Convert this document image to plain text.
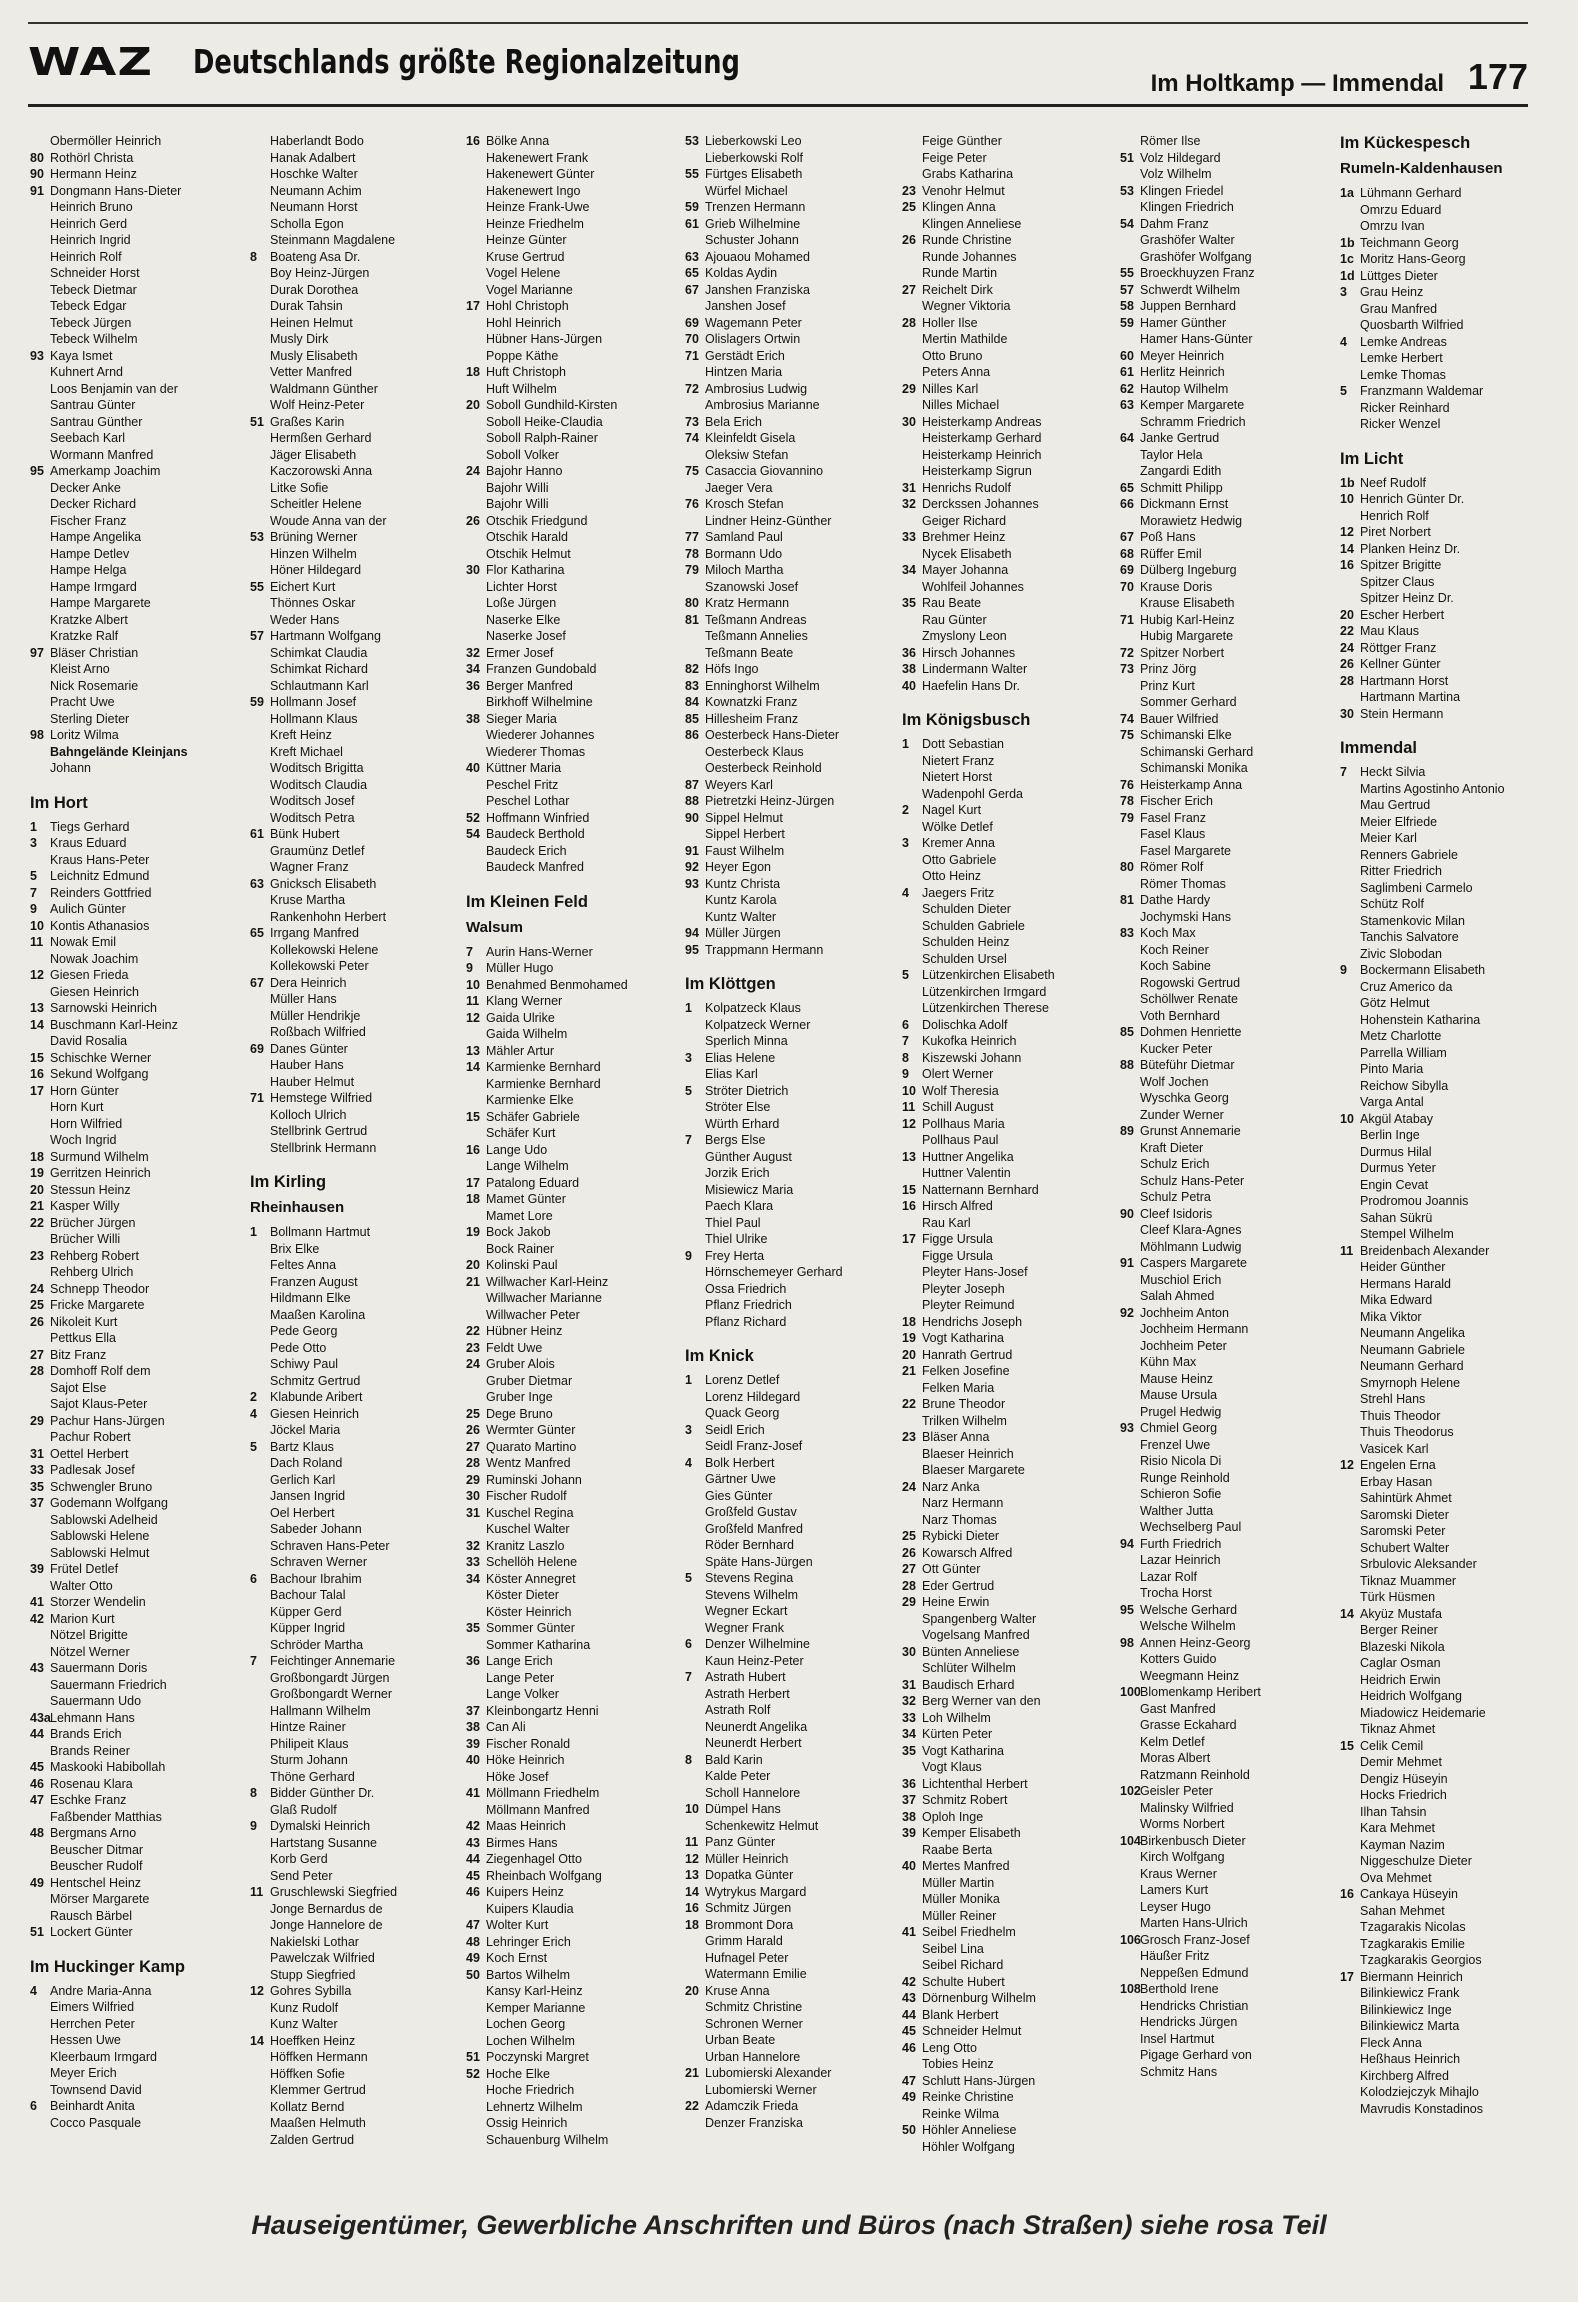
WAZ Deutschlands größte Regionalzeitung
Im Holtkamp — Immendal 177
Obermöller Heinrich
80 Rothörl Christa
90 Hermann Heinz
91 Dongmann Hans-Dieter
Heinrich Bruno
Heinrich Gerd
Heinrich Ingrid
Heinrich Rolf
Schneider Horst
Tebeck Dietmar
Tebeck Edgar
Tebeck Jürgen
Tebeck Wilhelm
93 Kaya Ismet
Kuhnert Arnd
Loos Benjamin van der
Santrau Günter
Santrau Günther
Seebach Karl
Wormann Manfred
95 Amerkamp Joachim
Decker Anke
Decker Richard
Fischer Franz
Hampe Angelika
Hampe Detlev
Hampe Helga
Hampe Irmgard
Hampe Margarete
Kratzke Albert
Kratzke Ralf
97 Bläser Christian
Kleist Arno
Nick Rosemarie
Pracht Uwe
Sterling Dieter
98 Loritz Wilma
Bahngelände Kleinjans
Johann
Im Hort
1 Tiegs Gerhard
3 Kraus Eduard
Kraus Hans-Peter
5 Leichnitz Edmund
7 Reinders Gottfried
9 Aulich Günter
10 Kontis Athanasios
11 Nowak Emil
Nowak Joachim
12 Giesen Frieda
Giesen Heinrich
13 Sarnowski Heinrich
14 Buschmann Karl-Heinz
David Rosalia
15 Schischke Werner
16 Sekund Wolfgang
17 Horn Günter
Horn Kurt
Horn Wilfried
Woch Ingrid
18 Surmund Wilhelm
19 Gerritzen Heinrich
20 Stessun Heinz
21 Kasper Willy
22 Brücher Jürgen
Brücher Willi
23 Rehberg Robert
Rehberg Ulrich
24 Schnepp Theodor
25 Fricke Margarete
26 Nikoleit Kurt
Pettkus Ella
27 Bitz Franz
28 Domhoff Rolf dem
Sajot Else
Sajot Klaus-Peter
29 Pachur Hans-Jürgen
Pachur Robert
31 Oettel Herbert
33 Padlesak Josef
35 Schwengler Bruno
37 Godemann Wolfgang
Sablowski Adelheid
Sablowski Helene
Sablowski Helmut
39 Frütel Detlef
Walter Otto
41 Storzer Wendelin
42 Marion Kurt
Nötzel Brigitte
Nötzel Werner
43 Sauermann Doris
Sauermann Friedrich
Sauermann Udo
43aLehmann Hans
44 Brands Erich
Brands Reiner
45 Maskooki Habibollah
46 Rosenau Klara
47 Eschke Franz
Faßbender Matthias
48 Bergmans Arno
Beuscher Ditmar
Beuscher Rudolf
49 Hentschel Heinz
Mörser Margarete
Rausch Bärbel
51 Lockert Günter
Im Huckinger Kamp
4 Andre Maria-Anna
Eimers Wilfried
Herrchen Peter
Hessen Uwe
Kleerbaum Irmgard
Meyer Erich
Townsend David
6 Beinhardt Anita
Cocco Pasquale
Haberlandt Bodo
Hanak Adalbert
Hoschke Walter
Neumann Achim
Neumann Horst
Scholla Egon
Steinmann Magdalene
8 Boateng Asa Dr.
Boy Heinz-Jürgen
Durak Dorothea
Durak Tahsin
Heinen Helmut
Musly Dirk
Musly Elisabeth
Vetter Manfred
Waldmann Günther
Wolf Heinz-Peter
51 Graßes Karin
Hermßen Gerhard
Jäger Elisabeth
Kaczorowski Anna
Litke Sofie
Scheitler Helene
Woude Anna van der
53 Brüning Werner
Hinzen Wilhelm
Höner Hildegard
55 Eichert Kurt
Thönnes Oskar
Weder Hans
57 Hartmann Wolfgang
Schimkat Claudia
Schimkat Richard
Schlautmann Karl
59 Hollmann Josef
Hollmann Klaus
Kreft Heinz
Kreft Michael
Woditsch Brigitta
Woditsch Claudia
Woditsch Josef
Woditsch Petra
61 Bünk Hubert
Graumünz Detlef
Wagner Franz
63 Gnicksch Elisabeth
Kruse Martha
Rankenhohn Herbert
65 Irrgang Manfred
Kollekowski Helene
Kollekowski Peter
67 Dera Heinrich
Müller Hans
Müller Hendrikje
Roßbach Wilfried
69 Danes Günter
Hauber Hans
Hauber Helmut
71 Hemstege Wilfried
Kolloch Ulrich
Stellbrink Gertrud
Stellbrink Hermann
Im Kirling
Rheinhausen
1 Bollmann Hartmut
Brix Elke
Feltes Anna
Franzen August
Hildmann Elke
Maaßen Karolina
Pede Georg
Pede Otto
Schiwy Paul
Schmitz Gertrud
2 Klabunde Aribert
4 Giesen Heinrich
Jöckel Maria
5 Bartz Klaus
Dach Roland
Gerlich Karl
Jansen Ingrid
Oel Herbert
Sabeder Johann
Schraven Hans-Peter
Schraven Werner
6 Bachour Ibrahim
Bachour Talal
Küpper Gerd
Küpper Ingrid
Schröder Martha
7 Feichtinger Annemarie
Großbongardt Jürgen
Großbongardt Werner
Hallmann Wilhelm
Hintze Rainer
Philipeit Klaus
Sturm Johann
Thöne Gerhard
8 Bidder Günther Dr.
Glaß Rudolf
9 Dymalski Heinrich
Hartstang Susanne
Korb Gerd
Send Peter
11 Gruschlewski Siegfried
Jonge Bernardus de
Jonge Hannelore de
Nakielski Lothar
Pawelczak Wilfried
Stupp Siegfried
12 Gohres Sybilla
Kunz Rudolf
Kunz Walter
14 Hoeffken Heinz
Höffken Hermann
Höffken Sofie
Klemmer Gertrud
Kollatz Bernd
Maaßen Helmuth
Zalden Gertrud
16 Bölke Anna
Hakenewert Frank
Hakenewert Günter
Hakenewert Ingo
Heinze Frank-Uwe
Heinze Friedhelm
Heinze Günter
Kruse Gertrud
Vogel Helene
Vogel Marianne
17 Hohl Christoph
Hohl Heinrich
Hübner Hans-Jürgen
Poppe Käthe
18 Huft Christoph
Huft Wilhelm
20 Soboll Gundhild-Kirsten
Soboll Heike-Claudia
Soboll Ralph-Rainer
Soboll Volker
24 Bajohr Hanno
Bajohr Willi
Bajohr Willi
26 Otschik Friedgund
Otschik Harald
Otschik Helmut
30 Flor Katharina
Lichter Horst
Loße Jürgen
Naserke Elke
Naserke Josef
32 Ermer Josef
34 Franzen Gundobald
36 Berger Manfred
Birkhoff Wilhelmine
38 Sieger Maria
Wiederer Johannes
Wiederer Thomas
40 Küttner Maria
Peschel Fritz
Peschel Lothar
52 Hoffmann Winfried
54 Baudeck Berthold
Baudeck Erich
Baudeck Manfred
Im Kleinen Feld
Walsum
7 Aurin Hans-Werner
9 Müller Hugo
10 Benahmed Benmohamed
11 Klang Werner
12 Gaida Ulrike
Gaida Wilhelm
13 Mähler Artur
14 Karmienke Bernhard
Karmienke Bernhard
Karmienke Elke
15 Schäfer Gabriele
Schäfer Kurt
16 Lange Udo
Lange Wilhelm
17 Patalong Eduard
18 Mamet Günter
Mamet Lore
19 Bock Jakob
Bock Rainer
20 Kolinski Paul
21 Willwacher Karl-Heinz
Willwacher Marianne
Willwacher Peter
22 Hübner Heinz
23 Feldt Uwe
24 Gruber Alois
Gruber Dietmar
Gruber Inge
25 Dege Bruno
26 Wermter Günter
27 Quarato Martino
28 Wentz Manfred
29 Ruminski Johann
30 Fischer Rudolf
31 Kuschel Regina
Kuschel Walter
32 Kranitz Laszlo
33 Schellöh Helene
34 Köster Annegret
Köster Dieter
Köster Heinrich
35 Sommer Günter
Sommer Katharina
36 Lange Erich
Lange Peter
Lange Volker
37 Kleinbongartz Henni
38 Can Ali
39 Fischer Ronald
40 Höke Heinrich
Höke Josef
41 Möllmann Friedhelm
Möllmann Manfred
42 Maas Heinrich
43 Birmes Hans
44 Ziegenhagel Otto
45 Rheinbach Wolfgang
46 Kuipers Heinz
Kuipers Klaudia
47 Wolter Kurt
48 Lehringer Erich
49 Koch Ernst
50 Bartos Wilhelm
Kansy Karl-Heinz
Kemper Marianne
Lochen Georg
Lochen Wilhelm
51 Poczynski Margret
52 Hoche Elke
Hoche Friedrich
Lehnertz Wilhelm
Ossig Heinrich
Schauenburg Wilhelm
53 Lieberkowski Leo
Lieberkowski Rolf
55 Fürtges Elisabeth
Würfel Michael
59 Trenzen Hermann
61 Grieb Wilhelmine
Schuster Johann
63 Ajouaou Mohamed
65 Koldas Aydin
67 Janshen Franziska
Janshen Josef
69 Wagemann Peter
70 Olislagers Ortwin
71 Gerstädt Erich
Hintzen Maria
72 Ambrosius Ludwig
Ambrosius Marianne
73 Bela Erich
74 Kleinfeldt Gisela
Oleksiw Stefan
75 Casaccia Giovannino
Jaeger Vera
76 Krosch Stefan
Lindner Heinz-Günther
77 Samland Paul
78 Bormann Udo
79 Miloch Martha
Szanowski Josef
80 Kratz Hermann
81 Teßmann Andreas
Teßmann Annelies
Teßmann Beate
82 Höfs Ingo
83 Enninghorst Wilhelm
84 Kownatzki Franz
85 Hillesheim Franz
86 Oesterbeck Hans-Dieter
Oesterbeck Klaus
Oesterbeck Reinhold
87 Weyers Karl
88 Pietretzki Heinz-Jürgen
90 Sippel Helmut
Sippel Herbert
91 Faust Wilhelm
92 Heyer Egon
93 Kuntz Christa
Kuntz Karola
Kuntz Walter
94 Müller Jürgen
95 Trappmann Hermann
Im Klöttgen
1 Kolpatzeck Klaus
Kolpatzeck Werner
Sperlich Minna
3 Elias Helene
Elias Karl
5 Ströter Dietrich
Ströter Else
Würth Erhard
7 Bergs Else
Günther August
Jorzik Erich
Misiewicz Maria
Paech Klara
Thiel Paul
Thiel Ulrike
9 Frey Herta
Hörnschemeyer Gerhard
Ossa Friedrich
Pflanz Friedrich
Pflanz Richard
Im Knick
1 Lorenz Detlef
Lorenz Hildegard
Quack Georg
3 Seidl Erich
Seidl Franz-Josef
4 Bolk Herbert
Gärtner Uwe
Gies Günter
Großfeld Gustav
Großfeld Manfred
Röder Bernhard
Späte Hans-Jürgen
5 Stevens Regina
Stevens Wilhelm
Wegner Eckart
Wegner Frank
6 Denzer Wilhelmine
Kaun Heinz-Peter
7 Astrath Hubert
Astrath Herbert
Astrath Rolf
Neunerdt Angelika
Neunerdt Herbert
8 Bald Karin
Kalde Peter
Scholl Hannelore
10 Dümpel Hans
Schenkewitz Helmut
11 Panz Günter
12 Müller Heinrich
13 Dopatka Günter
14 Wytrykus Margard
16 Schmitz Jürgen
18 Brommont Dora
Grimm Harald
Hufnagel Peter
Watermann Emilie
20 Kruse Anna
Schmitz Christine
Schronen Werner
Urban Beate
Urban Hannelore
21 Lubomierski Alexander
Lubomierski Werner
22 Adamczik Frieda
Denzer Franziska
Feige Günther
Feige Peter
Grabs Katharina
23 Venohr Helmut
25 Klingen Anna
Klingen Anneliese
26 Runde Christine
Runde Johannes
Runde Martin
27 Reichelt Dirk
Wegner Viktoria
28 Holler Ilse
Mertin Mathilde
Otto Bruno
Peters Anna
29 Nilles Karl
Nilles Michael
30 Heisterkamp Andreas
Heisterkamp Gerhard
Heisterkamp Heinrich
Heisterkamp Sigrun
31 Henrichs Rudolf
32 Derckssen Johannes
Geiger Richard
33 Brehmer Heinz
Nycek Elisabeth
34 Mayer Johanna
Wohlfeil Johannes
35 Rau Beate
Rau Günter
Zmyslony Leon
36 Hirsch Johannes
38 Lindermann Walter
40 Haefelin Hans Dr.
Im Königsbusch
1 Dott Sebastian
Nietert Franz
Nietert Horst
Wadenpohl Gerda
2 Nagel Kurt
Wölke Detlef
3 Kremer Anna
Otto Gabriele
Otto Heinz
4 Jaegers Fritz
Schulden Dieter
Schulden Gabriele
Schulden Heinz
Schulden Ursel
5 Lützenkirchen Elisabeth
Lützenkirchen Irmgard
Lützenkirchen Therese
6 Dolischka Adolf
7 Kukofka Heinrich
8 Kiszewski Johann
9 Olert Werner
10 Wolf Theresia
11 Schill August
12 Pollhaus Maria
Pollhaus Paul
13 Huttner Angelika
Huttner Valentin
15 Natternann Bernhard
16 Hirsch Alfred
Rau Karl
17 Figge Ursula
Figge Ursula
Pleyter Hans-Josef
Pleyter Joseph
Pleyter Reimund
18 Hendrichs Joseph
19 Vogt Katharina
20 Hanrath Gertrud
21 Felken Josefine
Felken Maria
22 Brune Theodor
Trilken Wilhelm
23 Bläser Anna
Blaeser Heinrich
Blaeser Margarete
24 Narz Anka
Narz Hermann
Narz Thomas
25 Rybicki Dieter
26 Kowarsch Alfred
27 Ott Günter
28 Eder Gertrud
29 Heine Erwin
Spangenberg Walter
Vogelsang Manfred
30 Bünten Anneliese
Schlüter Wilhelm
31 Baudisch Erhard
32 Berg Werner van den
33 Loh Wilhelm
34 Kürten Peter
35 Vogt Katharina
Vogt Klaus
36 Lichtenthal Herbert
37 Schmitz Robert
38 Oploh Inge
39 Kemper Elisabeth
Raabe Berta
40 Mertes Manfred
Müller Martin
Müller Monika
Müller Reiner
41 Seibel Friedhelm
Seibel Lina
Seibel Richard
42 Schulte Hubert
43 Dörnenburg Wilhelm
44 Blank Herbert
45 Schneider Helmut
46 Leng Otto
Tobies Heinz
47 Schlutt Hans-Jürgen
49 Reinke Christine
Reinke Wilma
50 Höhler Anneliese
Höhler Wolfgang
Römer Ilse
51 Volz Hildegard
Volz Wilhelm
53 Klingen Friedel
Klingen Friedrich
54 Dahm Franz
Grashöfer Walter
Grashöfer Wolfgang
55 Broeckhuyzen Franz
57 Schwerdt Wilhelm
58 Juppen Bernhard
59 Hamer Günther
Hamer Hans-Günter
60 Meyer Heinrich
61 Herlitz Heinrich
62 Hautop Wilhelm
63 Kemper Margarete
Schramm Friedrich
64 Janke Gertrud
Taylor Hela
Zangardi Edith
65 Schmitt Philipp
66 Dickmann Ernst
Morawietz Hedwig
67 Poß Hans
68 Rüffer Emil
69 Dülberg Ingeburg
70 Krause Doris
Krause Elisabeth
71 Hubig Karl-Heinz
Hubig Margarete
72 Spitzer Norbert
73 Prinz Jörg
Prinz Kurt
Sommer Gerhard
74 Bauer Wilfried
75 Schimanski Elke
Schimanski Gerhard
Schimanski Monika
76 Heisterkamp Anna
78 Fischer Erich
79 Fasel Franz
Fasel Klaus
Fasel Margarete
80 Römer Rolf
Römer Thomas
81 Dathe Hardy
Jochymski Hans
83 Koch Max
Koch Reiner
Koch Sabine
Rogowski Gertrud
Schöllwer Renate
Voth Bernhard
85 Dohmen Henriette
Kucker Peter
88 Büteführ Dietmar
Wolf Jochen
Wyschka Georg
Zunder Werner
89 Grunst Annemarie
Kraft Dieter
Schulz Erich
Schulz Hans-Peter
Schulz Petra
90 Cleef Isidoris
Cleef Klara-Agnes
Möhlmann Ludwig
91 Caspers Margarete
Muschiol Erich
Salah Ahmed
92 Jochheim Anton
Jochheim Hermann
Jochheim Peter
Kühn Max
Mause Heinz
Mause Ursula
Prugel Hedwig
93 Chmiel Georg
Frenzel Uwe
Risio Nicola Di
Runge Reinhold
Schieron Sofie
Walther Jutta
Wechselberg Paul
94 Furth Friedrich
Lazar Heinrich
Lazar Rolf
Trocha Horst
95 Welsche Gerhard
Welsche Wilhelm
98 Annen Heinz-Georg
Kotters Guido
Weegmann Heinz
100Blomenkamp Heribert
Gast Manfred
Grasse Eckahard
Kelm Detlef
Moras Albert
Ratzmann Reinhold
102Geisler Peter
Malinsky Wilfried
Worms Norbert
104Birkenbusch Dieter
Kirch Wolfgang
Kraus Werner
Lamers Kurt
Leyser Hugo
Marten Hans-Ulrich
106Grosch Franz-Josef
Häußer Fritz
Neppeßen Edmund
108Berthold Irene
Hendricks Christian
Hendricks Jürgen
Insel Hartmut
Pigage Gerhard von
Schmitz Hans
Im Kückespesch
Rumeln-Kaldenhausen
1a Lühmann Gerhard
Omrzu Eduard
Omrzu Ivan
1b Teichmann Georg
1c Moritz Hans-Georg
1d Lüttges Dieter
3 Grau Heinz
Grau Manfred
Quosbarth Wilfried
4 Lemke Andreas
Lemke Herbert
Lemke Thomas
5 Franzmann Waldemar
Ricker Reinhard
Ricker Wenzel
Im Licht
1b Neef Rudolf
10 Henrich Günter Dr.
Henrich Rolf
12 Piret Norbert
14 Planken Heinz Dr.
16 Spitzer Brigitte
Spitzer Claus
Spitzer Heinz Dr.
20 Escher Herbert
22 Mau Klaus
24 Röttger Franz
26 Kellner Günter
28 Hartmann Horst
Hartmann Martina
30 Stein Hermann
Immendal
7 Heckt Silvia
Martins Agostinho Antonio
Mau Gertrud
Meier Elfriede
Meier Karl
Renners Gabriele
Ritter Friedrich
Saglimbeni Carmelo
Schütz Rolf
Stamenkovic Milan
Tanchis Salvatore
Zivic Slobodan
9 Bockermann Elisabeth
Cruz Americo da
Götz Helmut
Hohenstein Katharina
Metz Charlotte
Parrella William
Pinto Maria
Reichow Sibylla
Varga Antal
10 Akgül Atabay
Berlin Inge
Durmus Hilal
Durmus Yeter
Engin Cevat
Prodromou Joannis
Sahan Sükrü
Stempel Wilhelm
11 Breidenbach Alexander
Heider Günther
Hermans Harald
Mika Edward
Mika Viktor
Neumann Angelika
Neumann Gabriele
Neumann Gerhard
Smyrnoph Helene
Strehl Hans
Thuis Theodor
Thuis Theodorus
Vasicek Karl
12 Engelen Erna
Erbay Hasan
Sahintürk Ahmet
Saromski Dieter
Saromski Peter
Schubert Walter
Srbulovic Aleksander
Tiknaz Muammer
Türk Hüsmen
14 Akyüz Mustafa
Berger Reiner
Blazeski Nikola
Caglar Osman
Heidrich Erwin
Heidrich Wolfgang
Miadowicz Heidemarie
Tiknaz Ahmet
15 Celik Cemil
Demir Mehmet
Dengiz Hüseyin
Hocks Friedrich
Ilhan Tahsin
Kara Mehmet
Kayman Nazim
Niggeschulze Dieter
Ova Mehmet
16 Cankaya Hüseyin
Sahan Mehmet
Tzagarakis Nicolas
Tzagkarakis Emilie
Tzagkarakis Georgios
17 Biermann Heinrich
Bilinkiewicz Frank
Bilinkiewicz Inge
Bilinkiewicz Marta
Fleck Anna
Heßhaus Heinrich
Kirchberg Alfred
Kolodziejczyk Mihajlo
Mavrudis Konstadinos
Hauseigentümer, Gewerbliche Anschriften und Büros (nach Straßen) siehe rosa Teil
